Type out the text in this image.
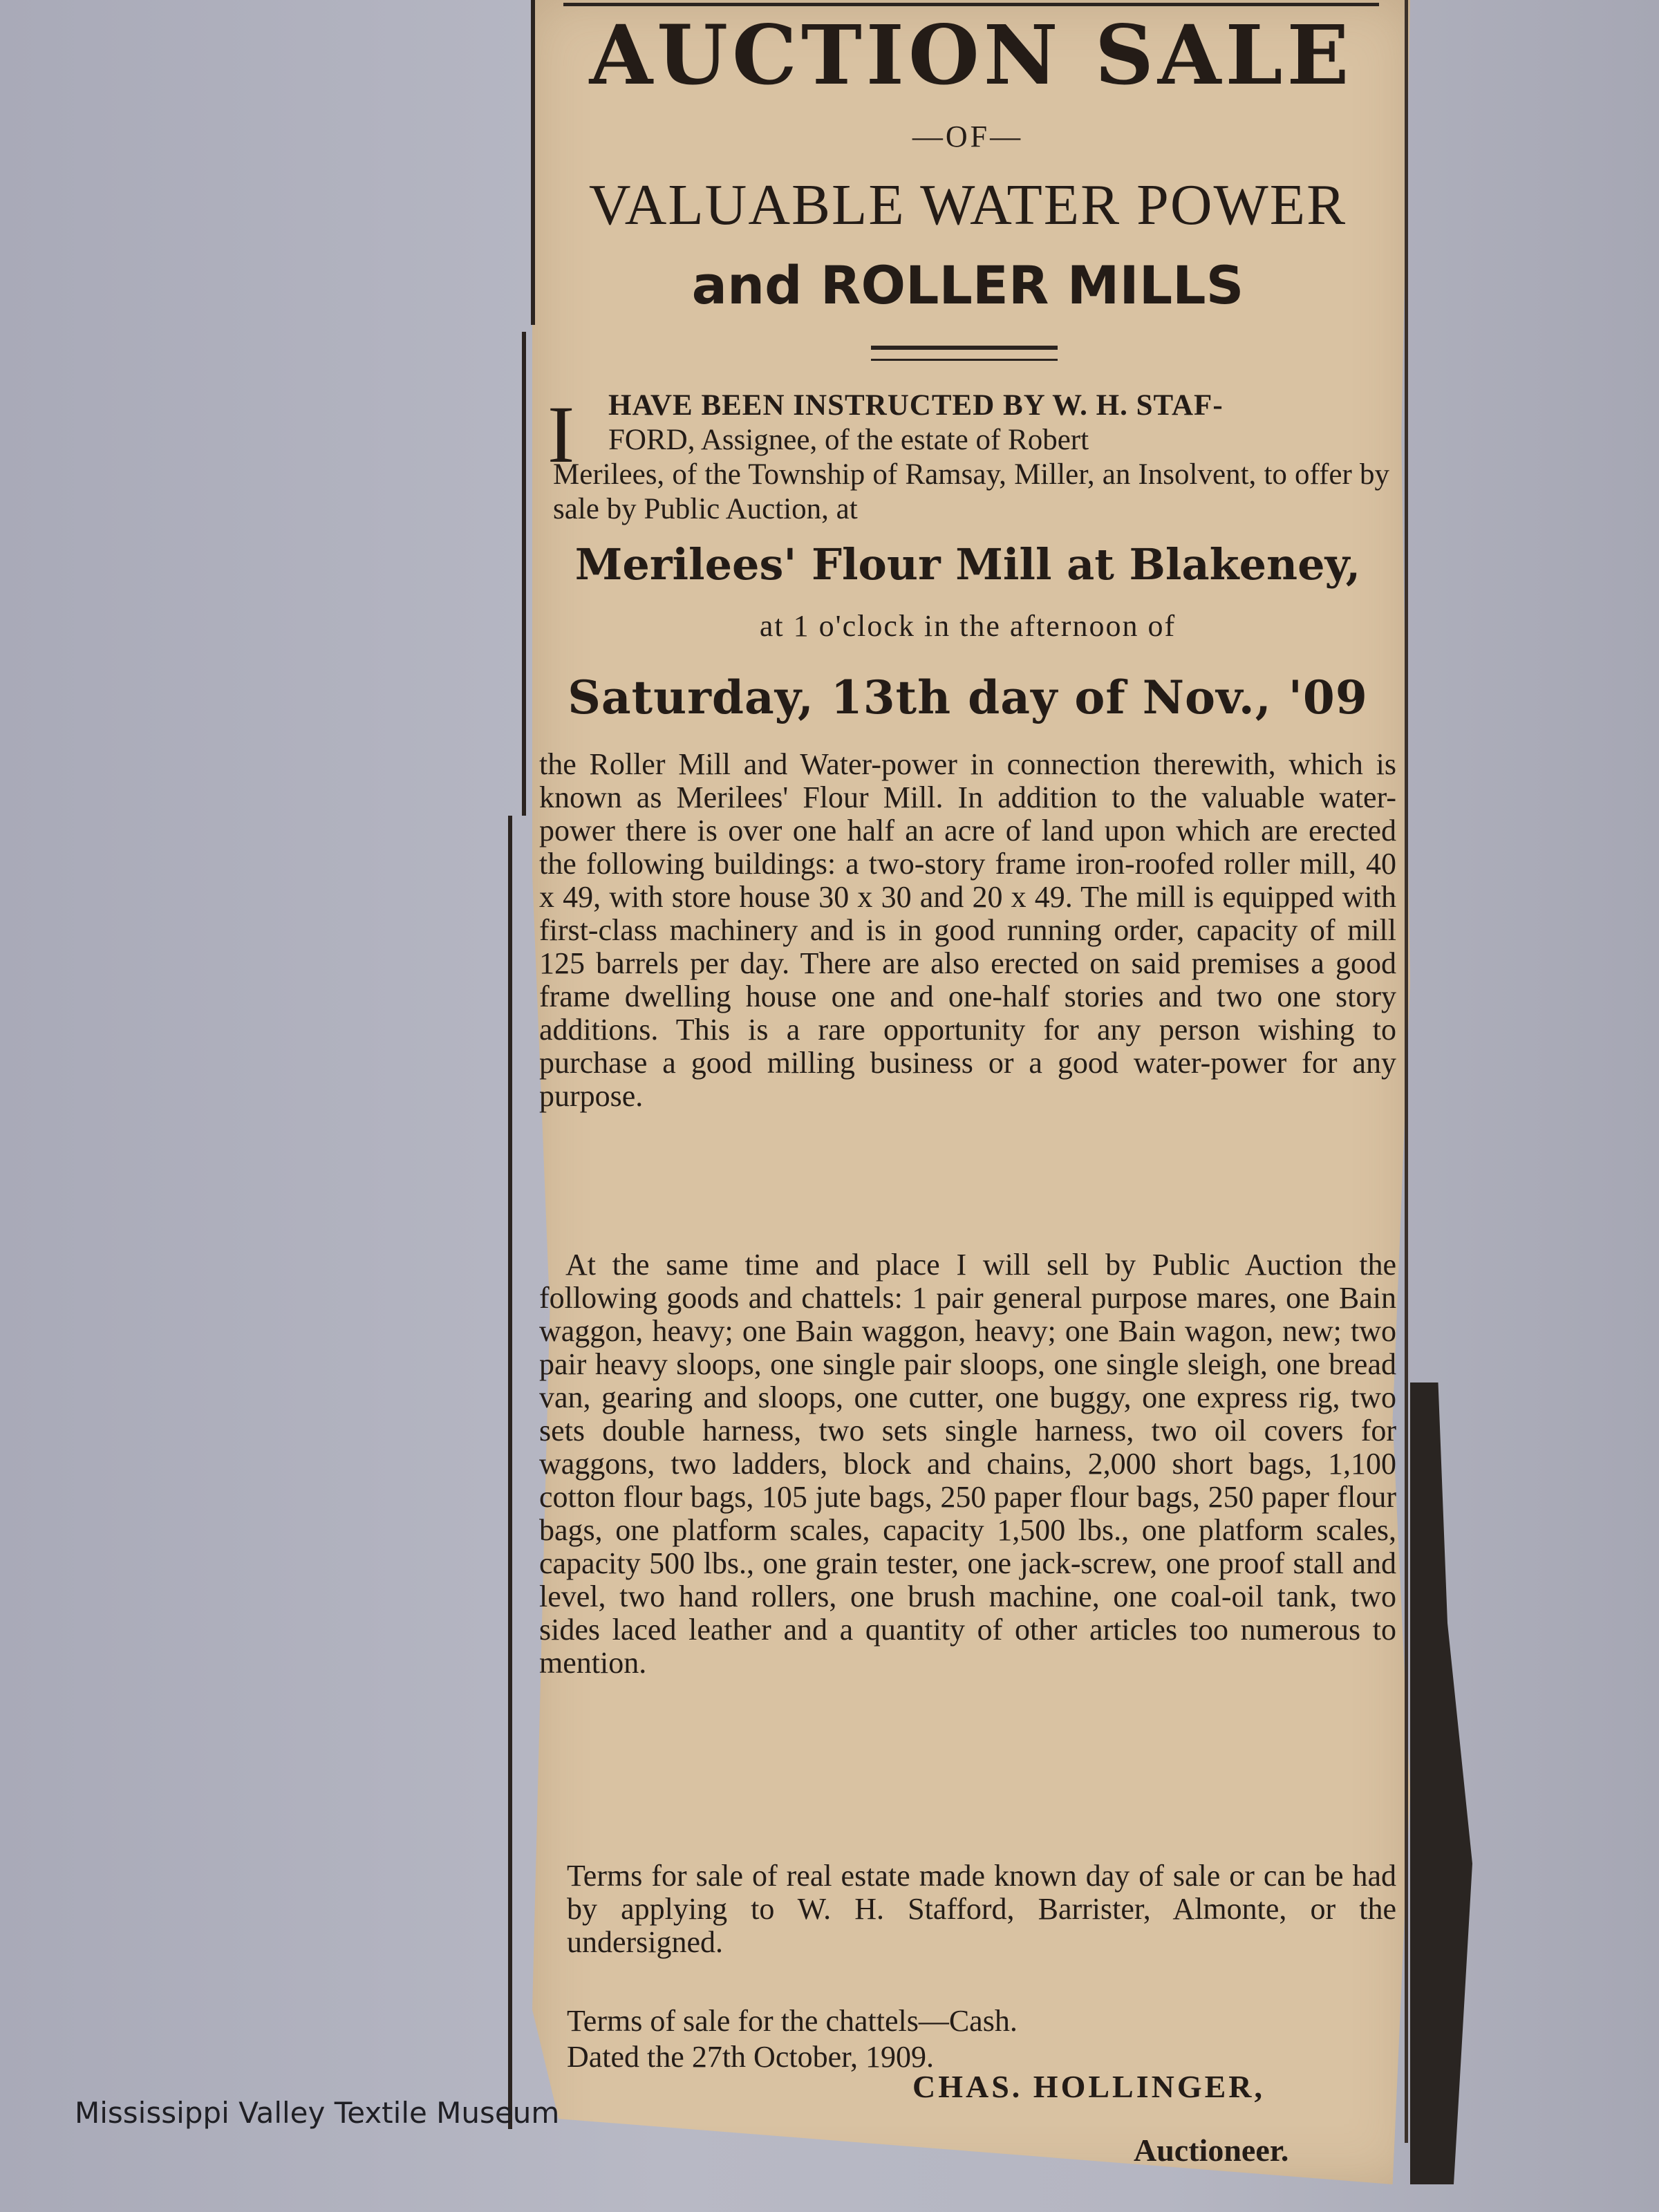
AUCTION SALE
—OF—
VALUABLE WATER POWER
and ROLLER MILLS
I	HAVE BEEN INSTRUCTED BY W. H. STAF-
FORD, Assignee, of the estate of Robert
Merilees, of the Township of Ramsay, Miller, an Insolvent, to offer by sale by Public Auction, at
Merilees' Flour Mill at Blakeney,
at 1 o'clock in the afternoon of
Saturday, 13th day of Nov., '09

the Roller Mill and Water-power in connection therewith, which is known as Merilees' Flour Mill. In addition to the valuable water-power there is over one half an acre of land upon which are erected the following buildings: a two-story frame iron-roofed roller mill, 40 x 49, with store house 30 x 30 and 20 x 49. The mill is equipped with first-class machinery and is in good running order, capacity of mill 125 barrels per day. There are also erected on said premises a good frame dwelling house one and one-half stories and two one story additions. This is a rare opportunity for any person wishing to purchase a good milling business or a good water-power for any purpose.

At the same time and place I will sell by Public Auction the following goods and chattels: 1 pair general purpose mares, one Bain waggon, heavy; one Bain waggon, heavy; one Bain wagon, new; two pair heavy sloops, one single pair sloops, one single sleigh, one bread van, gearing and sloops, one cutter, one buggy, one express rig, two sets double harness, two sets single harness, two oil covers for waggons, two ladders, block and chains, 2,000 short bags, 1,100 cotton flour bags, 105 jute bags, 250 paper flour bags, 250 paper flour bags, one platform scales, capacity 1,500 lbs., one platform scales, capacity 500 lbs., one grain tester, one jack-screw, one proof stall and level, two hand rollers, one brush machine, one coal-oil tank, two sides laced leather and a quantity of other articles too numerous to mention.

Terms for sale of real estate made known day of sale or can be had by applying to W. H. Stafford, Barrister, Almonte, or the undersigned.

Terms of sale for the chattels—Cash.

Dated the 27th October, 1909.

CHAS. HOLLINGER,
Auctioneer.
Mississippi Valley Textile Museum
